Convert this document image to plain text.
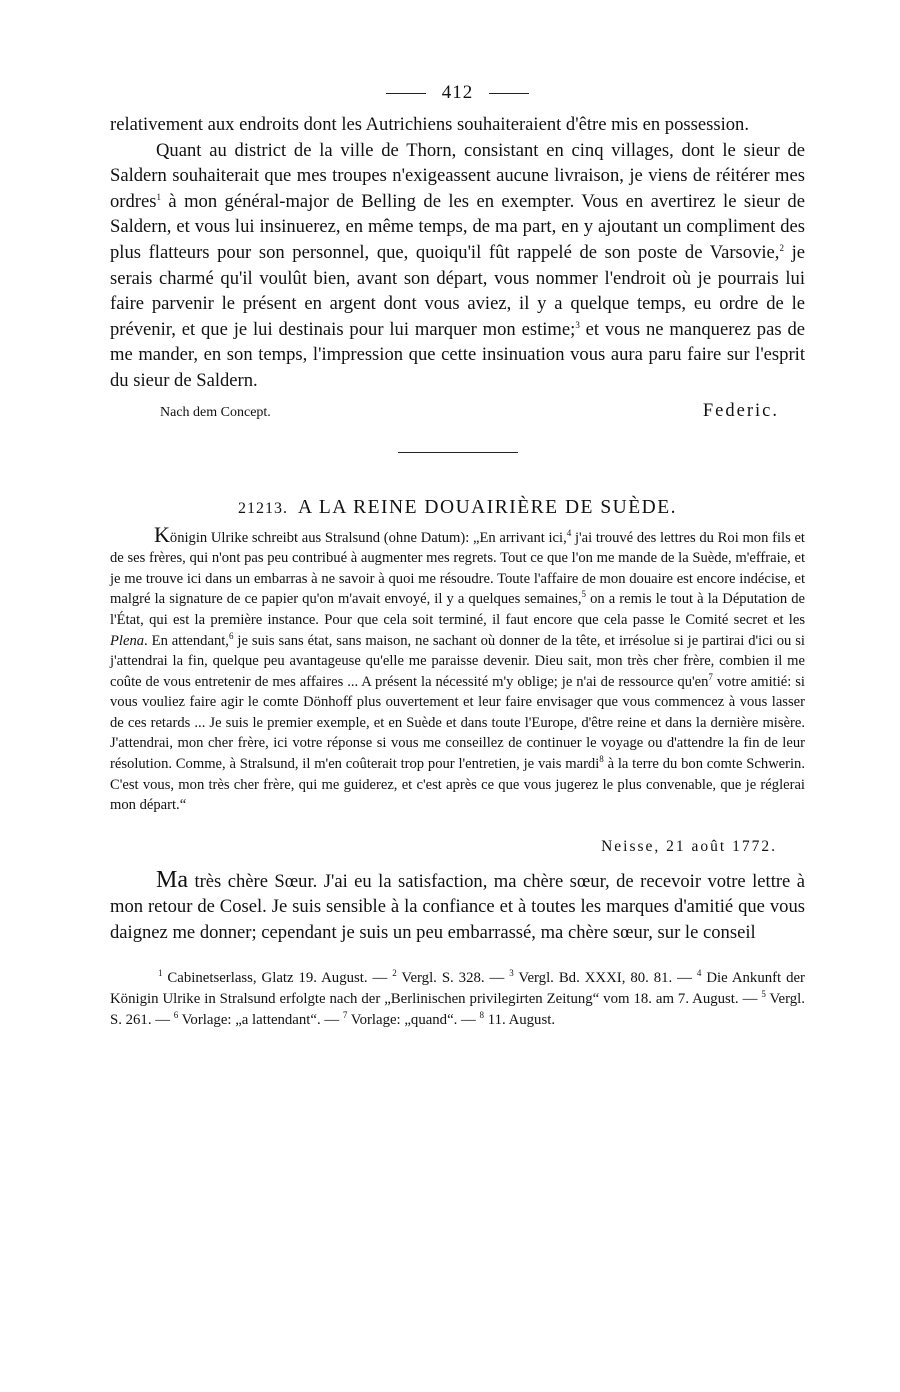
412

relativement aux endroits dont les Autrichiens souhaiteraient d'être mis en possession.

Quant au district de la ville de Thorn, consistant en cinq villages, dont le sieur de Saldern souhaiterait que mes troupes n'exigeassent aucune livraison, je viens de réitérer mes ordres$^1$ à mon général-major de Belling de les en exempter. Vous en avertirez le sieur de Saldern, et vous lui insinuerez, en même temps, de ma part, en y ajoutant un compliment des plus flatteurs pour son personnel, que, quoiqu'il fût rappelé de son poste de Varsovie,$^2$ je serais charmé qu'il voulût bien, avant son départ, vous nommer l'endroit où je pourrais lui faire parvenir le présent en argent dont vous aviez, il y a quelque temps, eu ordre de le prévenir, et que je lui destinais pour lui marquer mon estime;$^3$ et vous ne manquerez pas de me mander, en son temps, l'impression que cette insinuation vous aura paru faire sur l'esprit du sieur de Saldern.

Nach dem Concept.	Federic.
21213. A LA REINE DOUAIRIÈRE DE SUÈDE.

Königin Ulrike schreibt aus Stralsund (ohne Datum): „En arrivant ici,$^4$ j'ai trouvé des lettres du Roi mon fils et de ses frères, qui n'ont pas peu contribué à augmenter mes regrets. Tout ce que l'on me mande de la Suède, m'effraie, et je me trouve ici dans un embarras à ne savoir à quoi me résoudre. Toute l'affaire de mon douaire est encore indécise, et malgré la signature de ce papier qu'on m'avait envoyé, il y a quelques semaines,$^5$ on a remis le tout à la Députation de l'État, qui est la première instance. Pour que cela soit terminé, il faut encore que cela passe le Comité secret et les Plena. En attendant,$^6$ je suis sans état, sans maison, ne sachant où donner de la tête, et irrésolue si je partirai d'ici ou si j'attendrai la fin, quelque peu avantageuse qu'elle me paraisse devenir. Dieu sait, mon très cher frère, combien il me coûte de vous entretenir de mes affaires ... A présent la nécessité m'y oblige; je n'ai de ressource $qu'en^7$ votre amitié: si vous vouliez faire agir le comte Dönhoff plus ouvertement et leur faire envisager que vous commencez à vous lasser de ces retards ... Je suis le premier exemple, et en Suède et dans toute l'Europe, d'être reine et dans la dernière misère. J'attendrai, mon cher frère, ici votre réponse si vous me conseillez de continuer le voyage ou d'attendre la fin de leur résolution. Comme, à Stralsund, il m'en coûterait trop pour l'entretien, je vais mardi$^8$ à la terre du bon comte Schwerin. C'est vous, mon très cher frère, qui me guiderez, et c'est après ce que vous jugerez le plus convenable, que je réglerai mon départ.“

Neisse, 21 août 1772.

Ma très chère Sœur. J'ai eu la satisfaction, ma chère sœur, de recevoir votre lettre à mon retour de Cosel. Je suis sensible à la confiance et à toutes les marques d'amitié que vous daignez me donner; cependant je suis un peu embarrassé, ma chère sœur, sur le conseil

$^1$ Cabinetserlass, Glatz 19. August. — $^2$ Vergl. S. 328. — $^3$ Vergl. Bd. XXXI, 80. 81. — $^4$ Die Ankunft der Königin Ulrike in Stralsund erfolgte nach der „Berlinischen privilegirten Zeitung“ vom 18. am 7. August. — $^5$ Vergl. S. 261. — $^6$ Vorlage: „a lattendant“. — $^7$ Vorlage: „quand“. — $^8$ 11. August.
